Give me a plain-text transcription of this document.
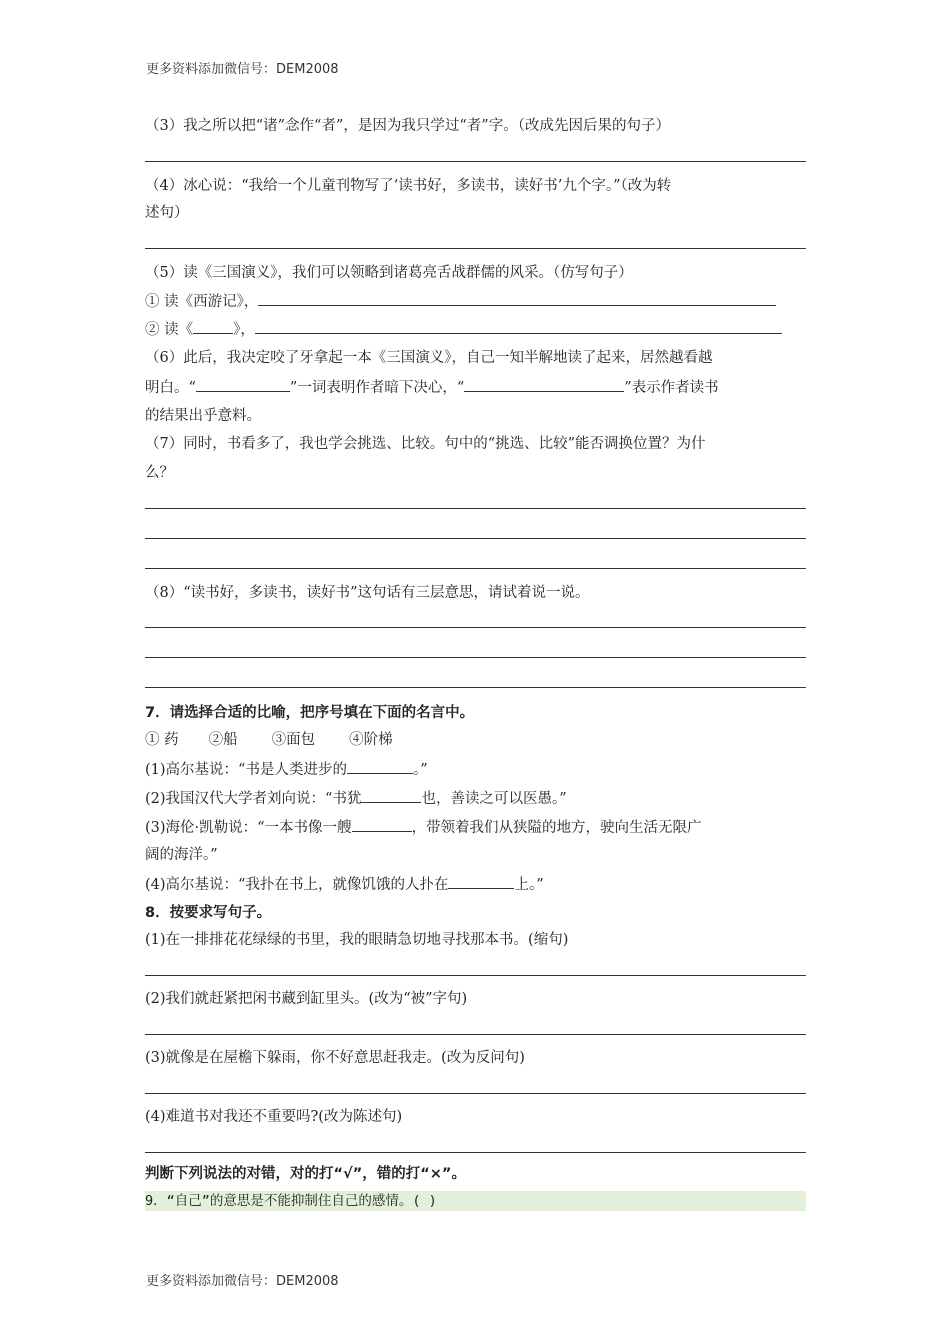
更多资料添加微信号：DEM2008
（3）我之所以把“诸”念作“者”，是因为我只学过“者”字。（改成先因后果的句子）
（4）冰心说：“我给一个儿童刊物写了‘读书好，多读书，读好书’九个字。”（改为转
述句）
（5）读《三国演义》，我们可以领略到诸葛亮舌战群儒的风采。（仿写句子）
① 读《西游记》，
② 读《	》，
（6）此后，我决定咬了牙拿起一本《三国演义》，自己一知半解地读了起来，居然越看越
明白。“	”一词表明作者暗下决心，“	”表示作者读书
的结果出乎意料。
（7）同时，书看多了，我也学会挑选、比较。句中的“挑选、比较”能否调换位置？为什
么？
（8）“读书好，多读书，读好书”这句话有三层意思，请试着说一说。
7．请选择合适的比喻，把序号填在下面的名言中。
① 药 ②船 ③面包 ④阶梯
(1)高尔基说：“书是人类进步的	。”
(2)我国汉代大学者刘向说：“书犹	也，善读之可以医愚。”
(3)海伦·凯勒说：“一本书像一艘	，带领着我们从狭隘的地方，驶向生活无限广
阔的海洋。”
(4)高尔基说：“我扑在书上，就像饥饿的人扑在	上。”
8．按要求写句子。
(1)在一排排花花绿绿的书里，我的眼睛急切地寻找那本书。(缩句)
(2)我们就赶紧把闲书藏到缸里头。(改为“被”字句)
(3)就像是在屋檐下躲雨，你不好意思赶我走。(改为反问句)
(4)难道书对我还不重要吗?(改为陈述句)
判断下列说法的对错，对的打“√”，错的打“×”。
9．“自己”的意思是不能抑制住自己的感情。( )
更多资料添加微信号：DEM2008
